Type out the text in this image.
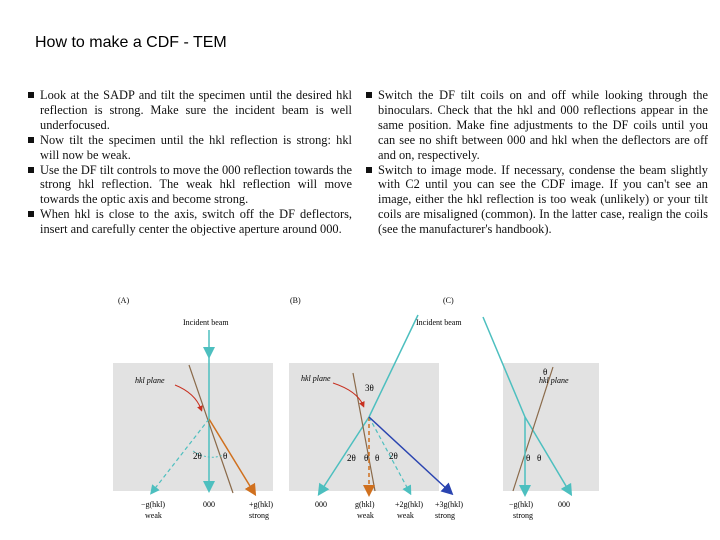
How to make a CDF - TEM

Look at the SADP and tilt the specimen until the desired hkl reflection is strong. Make sure the incident beam is well underfocused.

Now tilt the specimen until the hkl reflection is strong: hkl will now be weak.

Use the DF tilt controls to move the 000 reflection towards the strong hkl reflection. The weak hkl reflection will move towards the optic axis and become strong.

When hkl is close to the axis, switch off the DF deflectors, insert and carefully center the objective aperture around 000.

Switch the DF tilt coils on and off while looking through the binoculars. Check that the hkl and 000 reflections appear in the same position. Make fine adjustments to the DF coils until you can see no shift between 000 and hkl when the deflectors are off and on, respectively.

Switch to image mode. If necessary, condense the beam slightly with C2 until you can see the CDF image. If you can't see an image, either the hkl reflection is too weak (unlikely) or your tilt coils are misaligned (common). In the latter case, realign the coils (see the manufacturer's handbook).

(A)
Incident beam
hkl plane
2θ θ
−g(hkl)
weak
000	+g(hkl)
strong
(B)
hkl plane
3θ
2θ θ θ 2θ
000	g(hkl)
weak
+2g(hkl)
weak
+3g(hkl)
strong
(C)
Incident beam
hkl plane
θ
θ θ
−g(hkl)
strong
000
